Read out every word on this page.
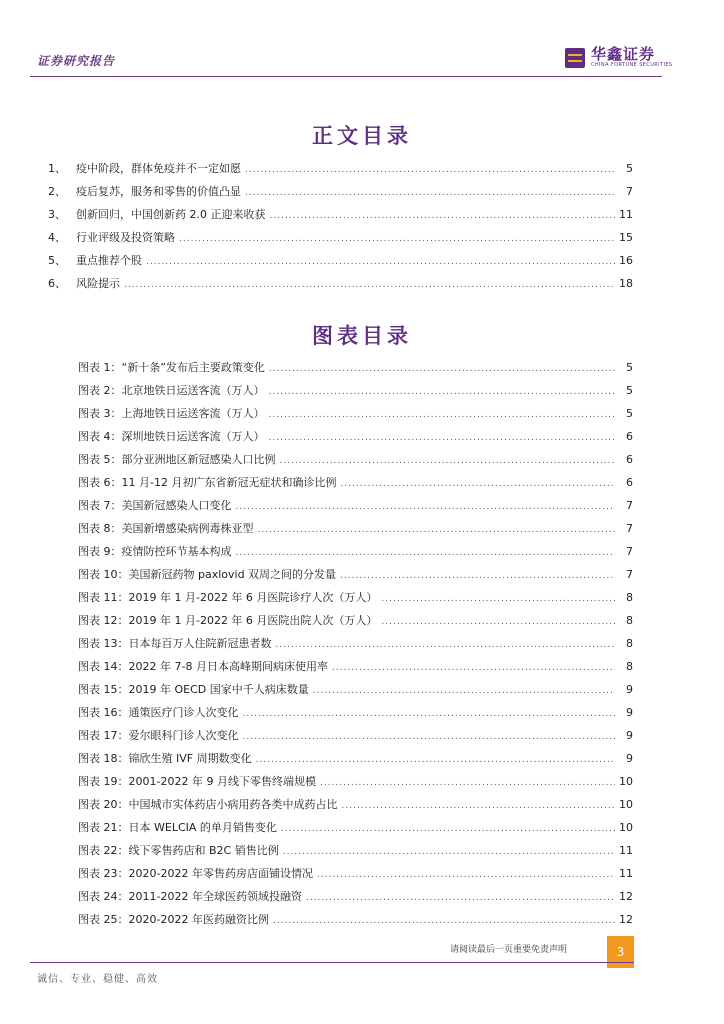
证券研究报告	华鑫证券
CHINA FORTUNE SECURITIES
正文目录
1、 疫中阶段，群体免疫并不一定如愿 .....	5
2、 疫后复苏，服务和零售的价值凸显 .....	7
3、 创新回归，中国创新药 2.0 正迎来收获 .....	11
4、 行业评级及投资策略 .....	15
5、 重点推荐个股 .....	16
6、 风险提示 .....	18
图表目录
图表 1：“新十条”发布后主要政策变化 .....	5
图表 2：北京地铁日运送客流（万人） .....	5
图表 3：上海地铁日运送客流（万人） .....	5
图表 4：深圳地铁日运送客流（万人） .....	6
图表 5：部分亚洲地区新冠感染人口比例 .....	6
图表 6：11 月-12 月初广东省新冠无症状和确诊比例 .....	6
图表 7：美国新冠感染人口变化 .....	7
图表 8：美国新增感染病例毒株亚型 .....	7
图表 9：疫情防控环节基本构成 .....	7
图表 10：美国新冠药物 paxlovid 双周之间的分发量 .....	7
图表 11：2019 年 1 月-2022 年 6 月医院诊疗人次（万人） .....	8
图表 12：2019 年 1 月-2022 年 6 月医院出院人次（万人） .....	8
图表 13：日本每百万人住院新冠患者数 .....	8
图表 14：2022 年 7-8 月日本高峰期间病床使用率 .....	8
图表 15：2019 年 OECD 国家中千人病床数量 .....	9
图表 16：通策医疗门诊人次变化 .....	9
图表 17：爱尔眼科门诊人次变化 .....	9
图表 18：锦欣生殖 IVF 周期数变化 .....	9
图表 19：2001-2022 年 9 月线下零售终端规模 .....	10
图表 20：中国城市实体药店小病用药各类中成药占比 .....	10
图表 21：日本 WELCIA 的单月销售变化 .....	10
图表 22：线下零售药店和 B2C 销售比例 .....	11
图表 23：2020-2022 年零售药房店面铺设情况 .....	11
图表 24：2011-2022 年全球医药领域投融资 .....	12
图表 25：2020-2022 年医药融资比例 .....	12
请阅读最后一页重要免责声明	3
诚信、专业、稳健、高效
